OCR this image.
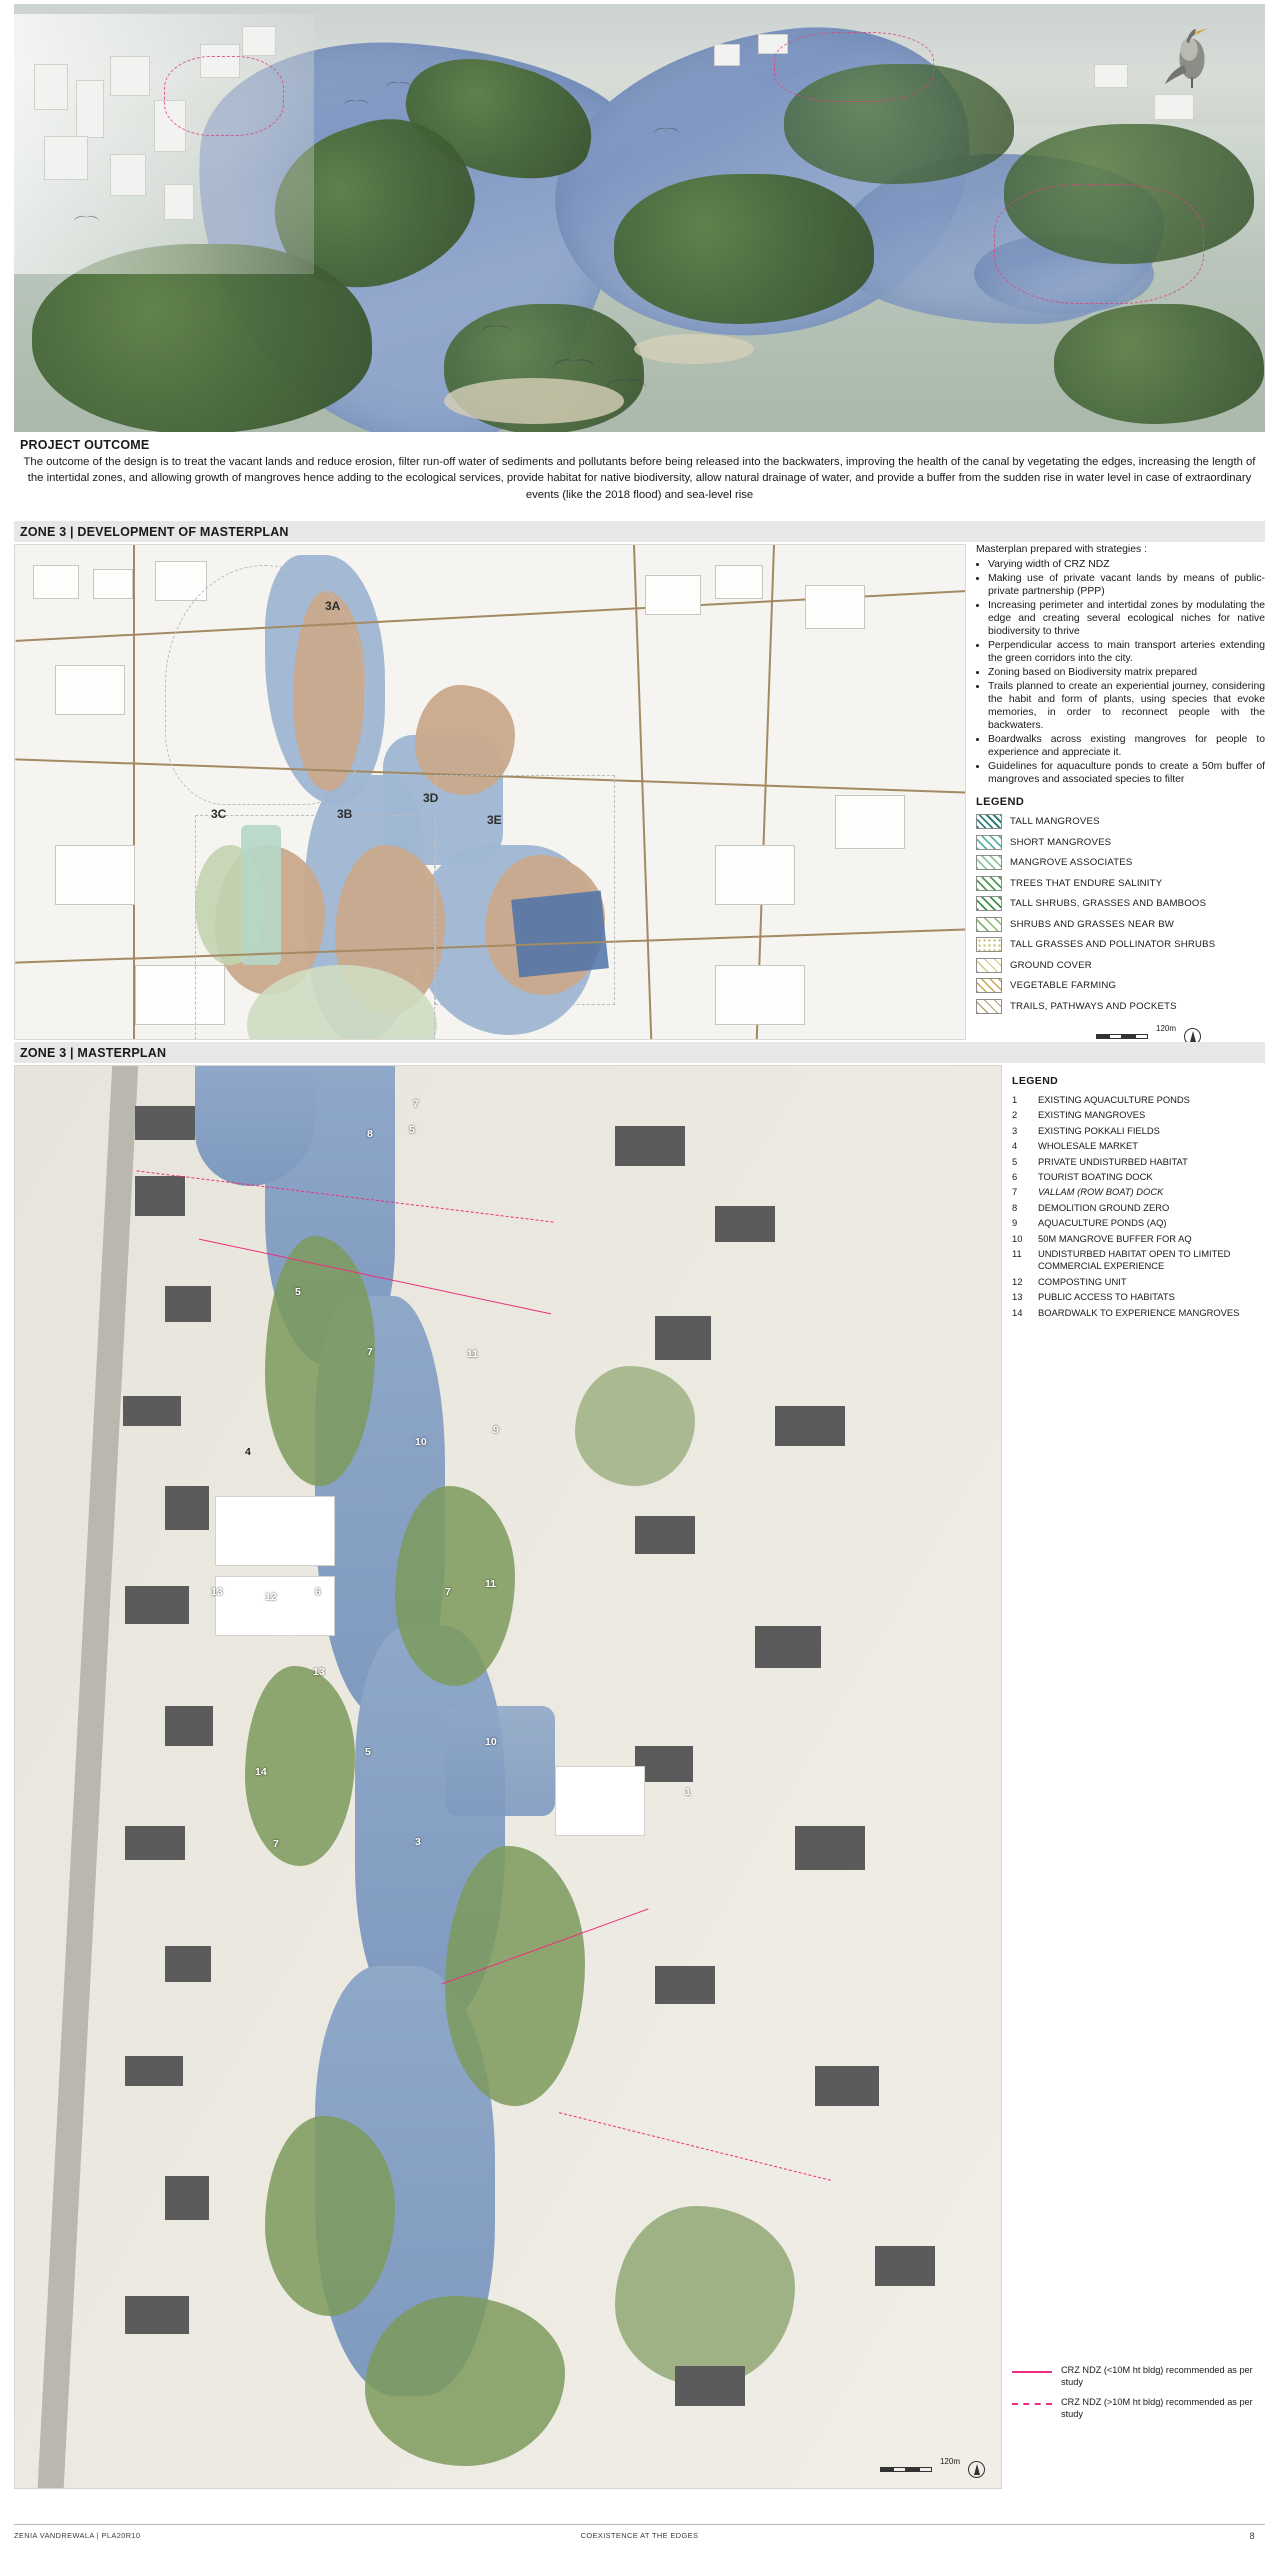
PROJECT OUTCOME

The outcome of the design is to treat the vacant lands and reduce erosion, filter run-off water of sediments and pollutants before being released into the backwaters, improving the health of the canal by vegetating the edges, increasing the length of the intertidal zones, and allowing growth of mangroves hence adding to the ecological services, provide habitat for native biodiversity, allow natural drainage of water, and provide a buffer from the sudden rise in water level in case of extraordinary events (like the 2018 flood) and sea-level rise

ZONE 3 | DEVELOPMENT OF MASTERPLAN
3A
3C	3B
3D
3E

Masterplan prepared with strategies :

• Varying width of CRZ NDZ
• Making use of private vacant lands by means of public-private partnership (PPP)
• Increasing perimeter and intertidal zones by modulating the edge and creating several ecological niches for native biodiversity to thrive
• Perpendicular access to main transport arteries extending the green corridors into the city.
• Zoning based on Biodiversity matrix prepared
• Trails planned to create an experiential journey, considering the habit and form of plants, using species that evoke memories, in order to reconnect people with the backwaters.
• Boardwalks across existing mangroves for people to experience and appreciate it.
• Guidelines for aquaculture ponds to create a 50m buffer of mangroves and associated species to filter
LEGEND
TALL MANGROVES
SHORT MANGROVES
MANGROVE ASSOCIATES
TREES THAT ENDURE SALINITY
TALL SHRUBS, GRASSES AND BAMBOOS
SHRUBS AND GRASSES NEAR BW
TALL GRASSES AND POLLINATOR SHRUBS
GROUND COVER
VEGETABLE FARMING
TRAILS, PATHWAYS AND POCKETS
120m
ZONE 3 | MASTERPLAN
7
8	5
5
7	11
10
9
4
6
13	12	7
11
13
5
10
14
7
1
3
120m
LEGEND
1	EXISTING AQUACULTURE PONDS
2	EXISTING MANGROVES
3	EXISTING POKKALI FIELDS
4	WHOLESALE MARKET
5	PRIVATE UNDISTURBED HABITAT
6	TOURIST BOATING DOCK
7	VALLAM (ROW BOAT) DOCK
8	DEMOLITION GROUND ZERO
9	AQUACULTURE PONDS (AQ)
10	50M MANGROVE BUFFER FOR AQ
11	UNDISTURBED HABITAT OPEN TO LIMITED COMMERCIAL EXPERIENCE
12	COMPOSTING UNIT
13	PUBLIC ACCESS TO HABITATS
14	BOARDWALK TO EXPERIENCE MANGROVES
CRZ NDZ (<10M ht bldg) recommended as per study
CRZ NDZ (>10M ht bldg) recommended as per study
ZENIA VANDREWALA | PLA20R10	COEXISTENCE AT THE EDGES	8
